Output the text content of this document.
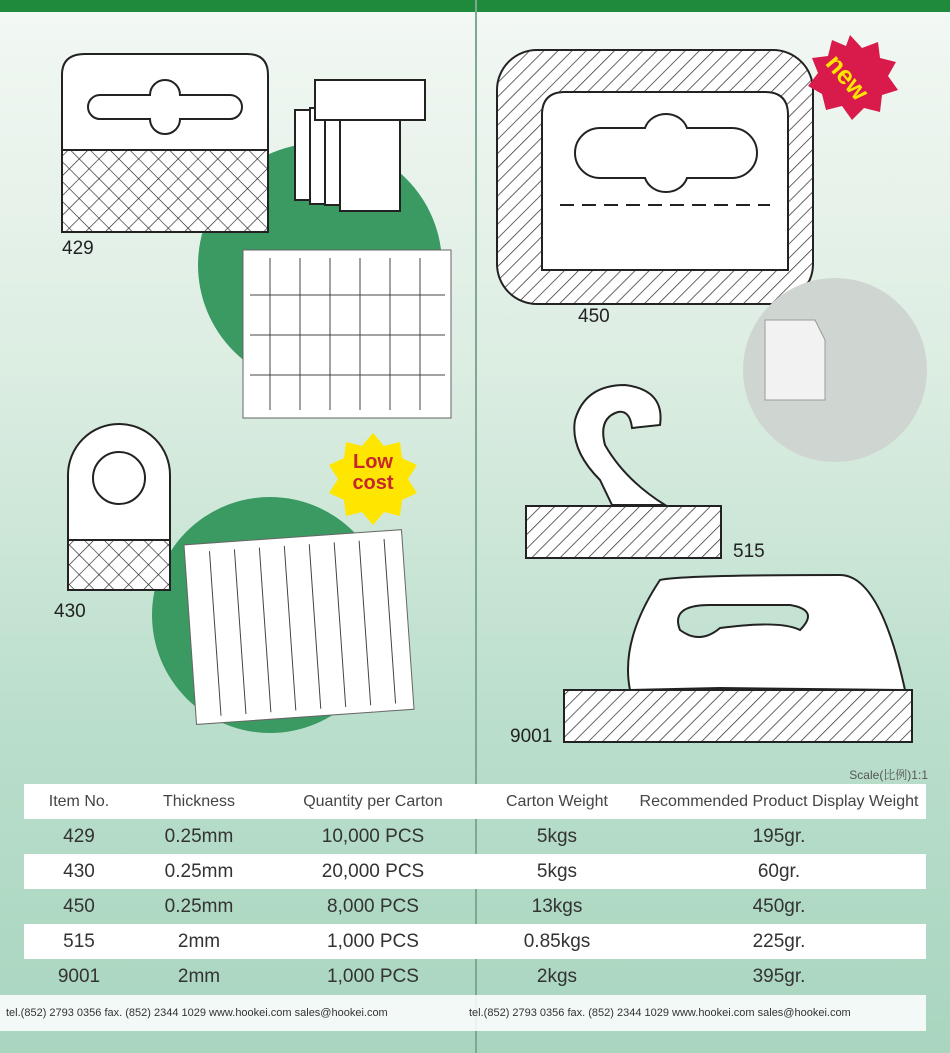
429
430
450
515
9001
Low
cost
new
Scale(比例)1:1
Item No.	Thickness	Quantity per Carton	Carton Weight	Recommended Product Display Weight
429	0.25mm	10,000 PCS	5kgs	195gr.
430	0.25mm	20,000 PCS	5kgs	60gr.
450	0.25mm	8,000 PCS	13kgs	450gr.
515	2mm	1,000 PCS	0.85kgs	225gr.
9001	2mm	1,000 PCS	2kgs	395gr.
tel.(852) 2793 0356 fax. (852) 2344 1029 www.hookei.com sales@hookei.com	tel.(852) 2793 0356 fax. (852) 2344 1029 www.hookei.com sales@hookei.com
